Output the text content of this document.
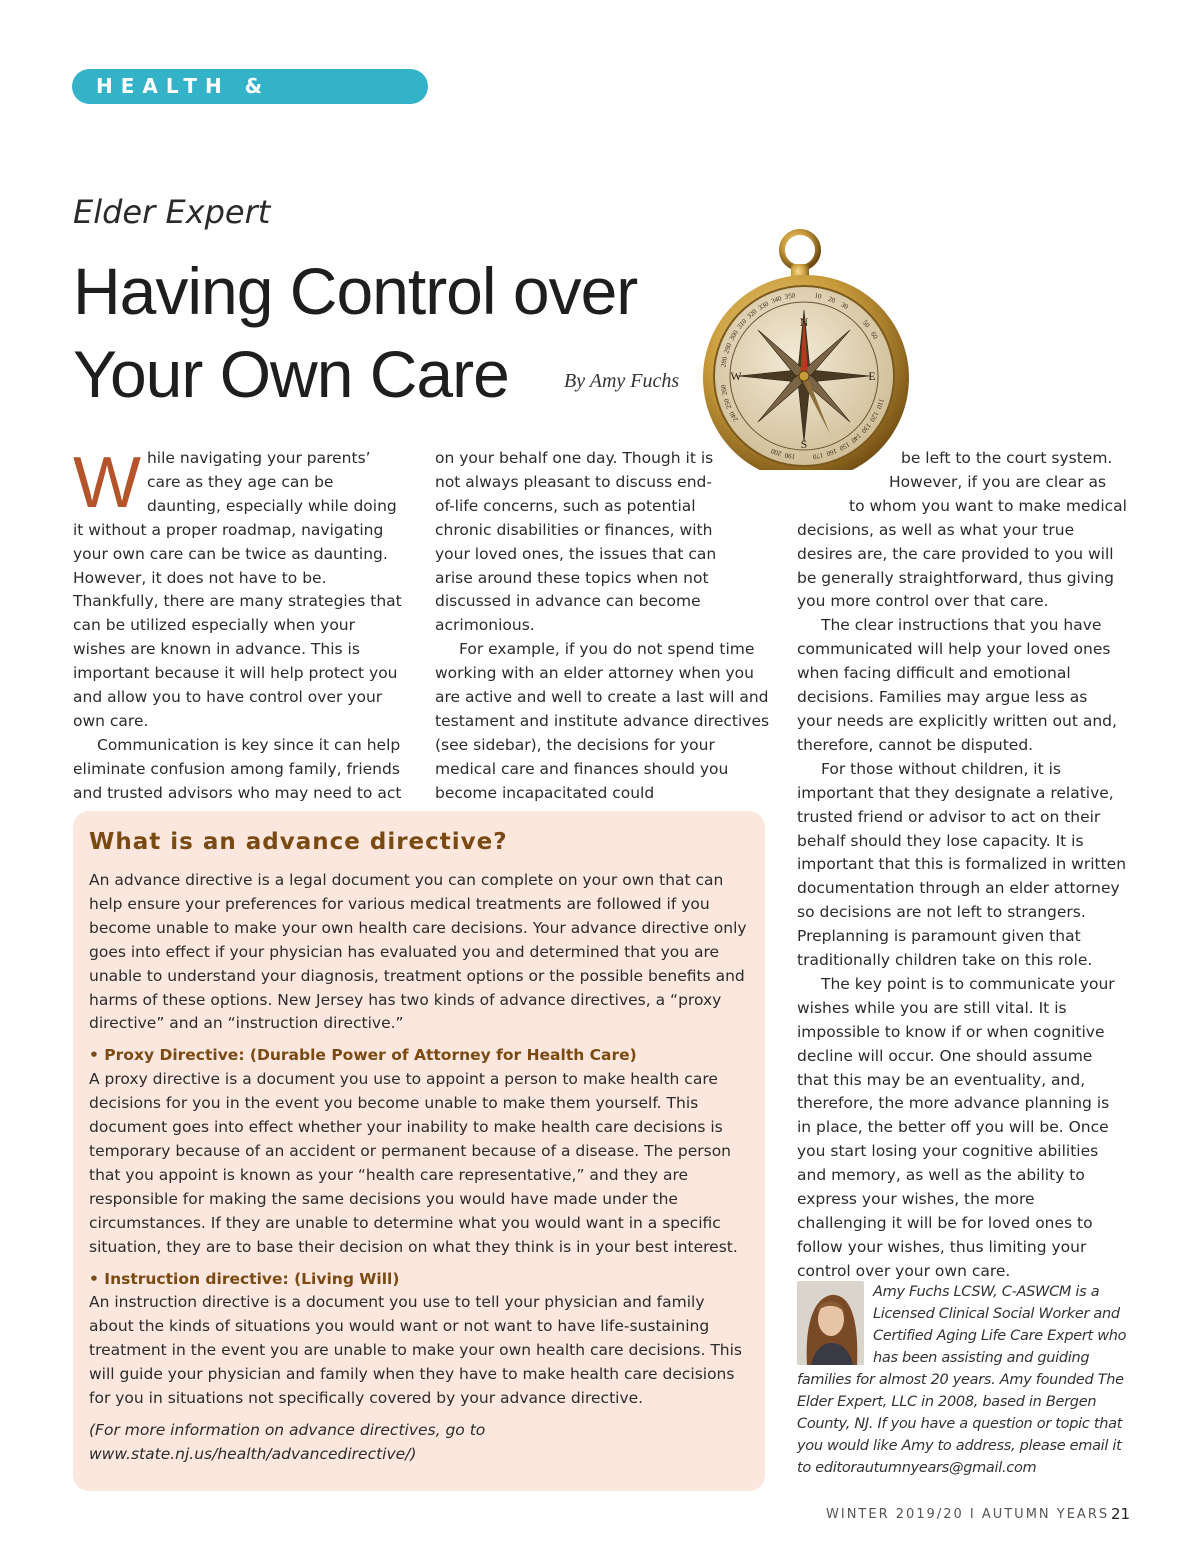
HEALTH & WELFARE
Elder Expert
Having Control over
Your Own Care	By Amy Fuchs
N
S
W	E
10 20
30
50
60
110
120
130
140
150
160
170
190
200
240
250
260
280
290
300
310
320
330 340 350

While navigating your parents’ care as they age can be daunting, especially while doing it without a proper roadmap, navigating your own care can be twice as daunting. However, it does not have to be. Thankfully, there are many strategies that can be utilized especially when your wishes are known in advance. This is important because it will help protect you and allow you to have control over your own care.

Communication is key since it can help eliminate confusion among family, friends and trusted advisors who may need to act

on your behalf one day. Though it is not always pleasant to discuss end-of-life concerns, such as potential chronic disabilities or finances, with your loved ones, the issues that can arise around these topics when not discussed in advance can become acrimonious.

For example, if you do not spend time working with an elder attorney when you are active and well to create a last will and testament and institute advance directives (see sidebar), the decisions for your medical care and finances should you become incapacitated could

be left to the court system.
However, if you are clear as
to whom you want to make medical decisions, as well as what your true desires are, the care provided to you will be generally straightforward, thus giving you more control over that care.

The clear instructions that you have communicated will help your loved ones when facing difficult and emotional decisions. Families may argue less as your needs are explicitly written out and, therefore, cannot be disputed.

For those without children, it is important that they designate a relative, trusted friend or advisor to act on their behalf should they lose capacity. It is important that this is formalized in written documentation through an elder attorney so decisions are not left to strangers. Preplanning is paramount given that traditionally children take on this role.

The key point is to communicate your wishes while you are still vital. It is impossible to know if or when cognitive decline will occur. One should assume that this may be an eventuality, and, therefore, the more advance planning is in place, the better off you will be. Once you start losing your cognitive abilities and memory, as well as the ability to express your wishes, the more challenging it will be for loved ones to follow your wishes, thus limiting your control over your own care.

What is an advance directive?

An advance directive is a legal document you can complete on your own that can help ensure your preferences for various medical treatments are followed if you become unable to make your own health care decisions. Your advance directive only goes into effect if your physician has evaluated you and determined that you are unable to understand your diagnosis, treatment options or the possible benefits and harms of these options. New Jersey has two kinds of advance directives, a “proxy directive” and an “instruction directive.”

• Proxy Directive: (Durable Power of Attorney for Health Care)

A proxy directive is a document you use to appoint a person to make health care decisions for you in the event you become unable to make them yourself. This document goes into effect whether your inability to make health care decisions is temporary because of an accident or permanent because of a disease. The person that you appoint is known as your “health care representative,” and they are responsible for making the same decisions you would have made under the circumstances. If they are unable to determine what you would want in a specific situation, they are to base their decision on what they think is in your best interest.

• Instruction directive: (Living Will)

An instruction directive is a document you use to tell your physician and family about the kinds of situations you would want or not want to have life-sustaining treatment in the event you are unable to make your own health care decisions. This will guide your physician and family when they have to make health care decisions for you in situations not specifically covered by your advance directive.

(For more information on advance directives, go to www.state.nj.us/health/advancedirective/)

Amy Fuchs LCSW, C-ASWCM is a Licensed Clinical Social Worker and Certified Aging Life Care Expert who has been assisting and guiding families for almost 20 years. Amy founded The Elder Expert, LLC in 2008, based in Bergen County, NJ. If you have a question or topic that you would like Amy to address, please email it to editorautumnyears@gmail.com
WINTER 2019/20 I AUTUMN YEARS 21
